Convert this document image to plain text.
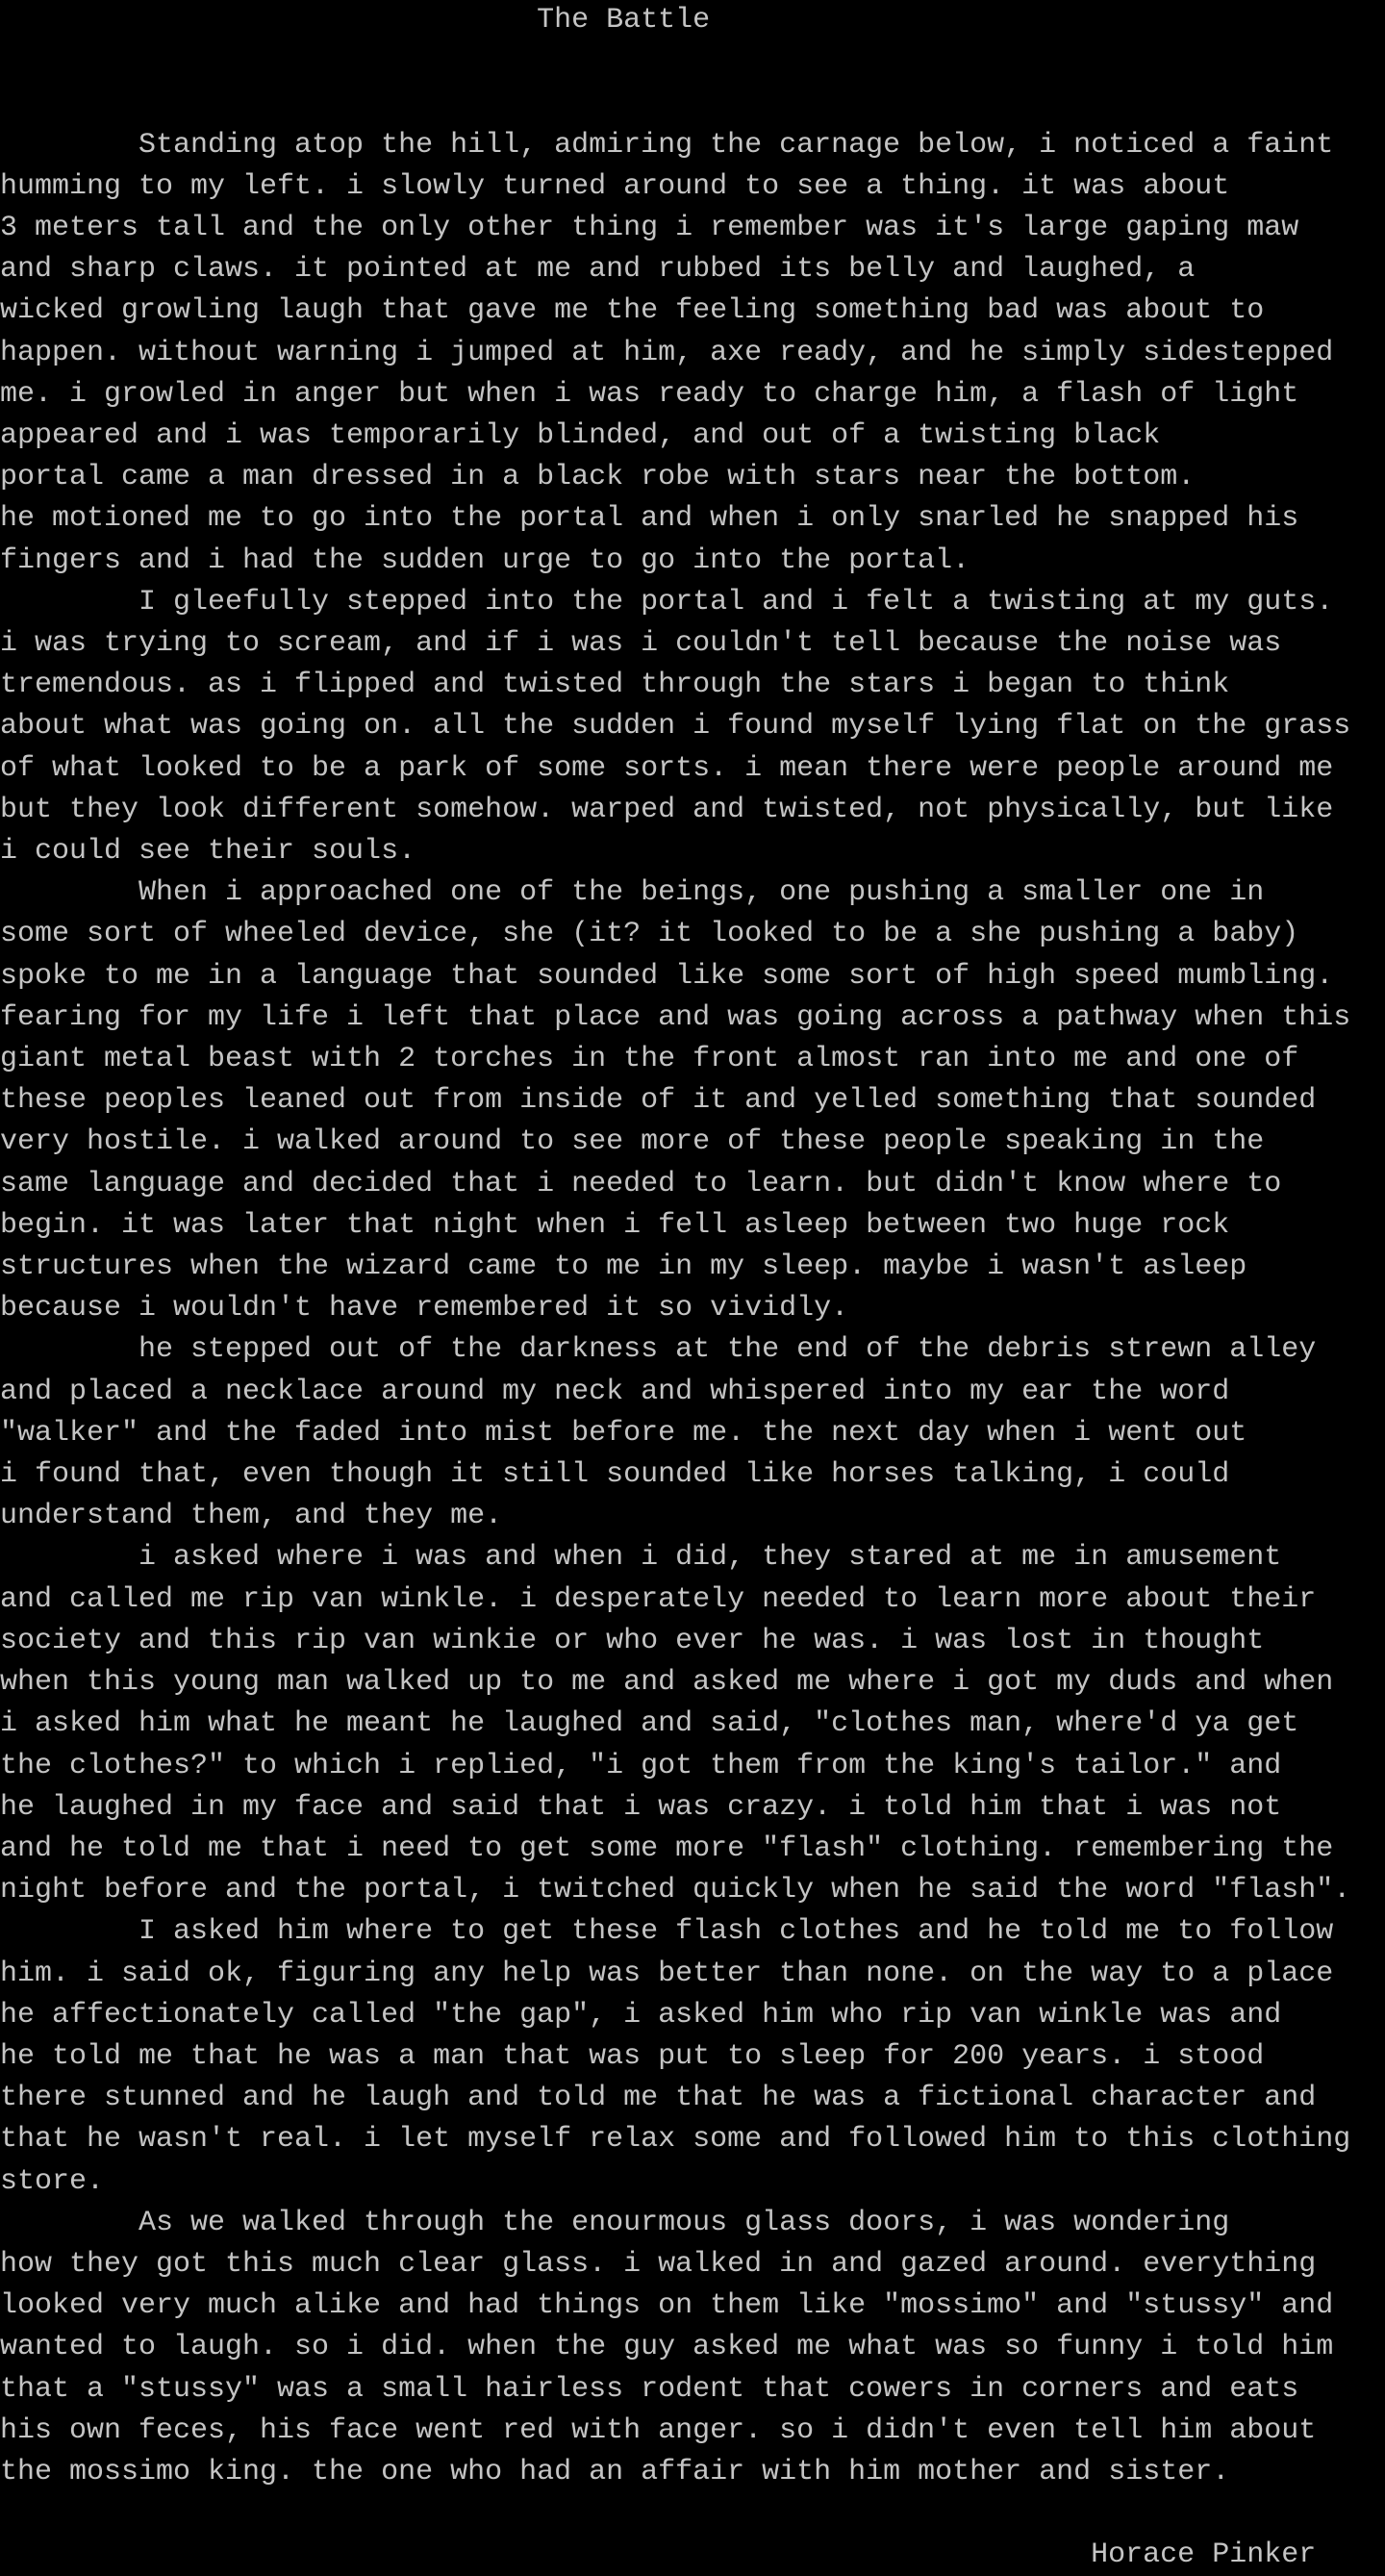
The Battle
Standing atop the hill, admiring the carnage below, i noticed a faint
humming to my left. i slowly turned around to see a thing. it was about
3 meters tall and the only other thing i remember was it's large gaping maw
and sharp claws. it pointed at me and rubbed its belly and laughed, a
wicked growling laugh that gave me the feeling something bad was about to
happen. without warning i jumped at him, axe ready, and he simply sidestepped
me. i growled in anger but when i was ready to charge him, a flash of light
appeared and i was temporarily blinded, and out of a twisting black
portal came a man dressed in a black robe with stars near the bottom.
he motioned me to go into the portal and when i only snarled he snapped his
fingers and i had the sudden urge to go into the portal.
I gleefully stepped into the portal and i felt a twisting at my guts.
i was trying to scream, and if i was i couldn't tell because the noise was
tremendous. as i flipped and twisted through the stars i began to think
about what was going on. all the sudden i found myself lying flat on the grass
of what looked to be a park of some sorts. i mean there were people around me
but they look different somehow. warped and twisted, not physically, but like
i could see their souls.
When i approached one of the beings, one pushing a smaller one in
some sort of wheeled device, she (it? it looked to be a she pushing a baby)
spoke to me in a language that sounded like some sort of high speed mumbling.
fearing for my life i left that place and was going across a pathway when this
giant metal beast with 2 torches in the front almost ran into me and one of
these peoples leaned out from inside of it and yelled something that sounded
very hostile. i walked around to see more of these people speaking in the
same language and decided that i needed to learn. but didn't know where to
begin. it was later that night when i fell asleep between two huge rock
structures when the wizard came to me in my sleep. maybe i wasn't asleep
because i wouldn't have remembered it so vividly.
he stepped out of the darkness at the end of the debris strewn alley
and placed a necklace around my neck and whispered into my ear the word
"walker" and the faded into mist before me. the next day when i went out
i found that, even though it still sounded like horses talking, i could
understand them, and they me.
i asked where i was and when i did, they stared at me in amusement
and called me rip van winkle. i desperately needed to learn more about their
society and this rip van winkie or who ever he was. i was lost in thought
when this young man walked up to me and asked me where i got my duds and when
i asked him what he meant he laughed and said, "clothes man, where'd ya get
the clothes?" to which i replied, "i got them from the king's tailor." and
he laughed in my face and said that i was crazy. i told him that i was not
and he told me that i need to get some more "flash" clothing. remembering the
night before and the portal, i twitched quickly when he said the word "flash".
I asked him where to get these flash clothes and he told me to follow
him. i said ok, figuring any help was better than none. on the way to a place
he affectionately called "the gap", i asked him who rip van winkle was and
he told me that he was a man that was put to sleep for 200 years. i stood
there stunned and he laugh and told me that he was a fictional character and
that he wasn't real. i let myself relax some and followed him to this clothing
store.
As we walked through the enourmous glass doors, i was wondering
how they got this much clear glass. i walked in and gazed around. everything
looked very much alike and had things on them like "mossimo" and "stussy" and
wanted to laugh. so i did. when the guy asked me what was so funny i told him
that a "stussy" was a small hairless rodent that cowers in corners and eats
his own feces, his face went red with anger. so i didn't even tell him about
the mossimo king. the one who had an affair with him mother and sister.
Horace Pinker
